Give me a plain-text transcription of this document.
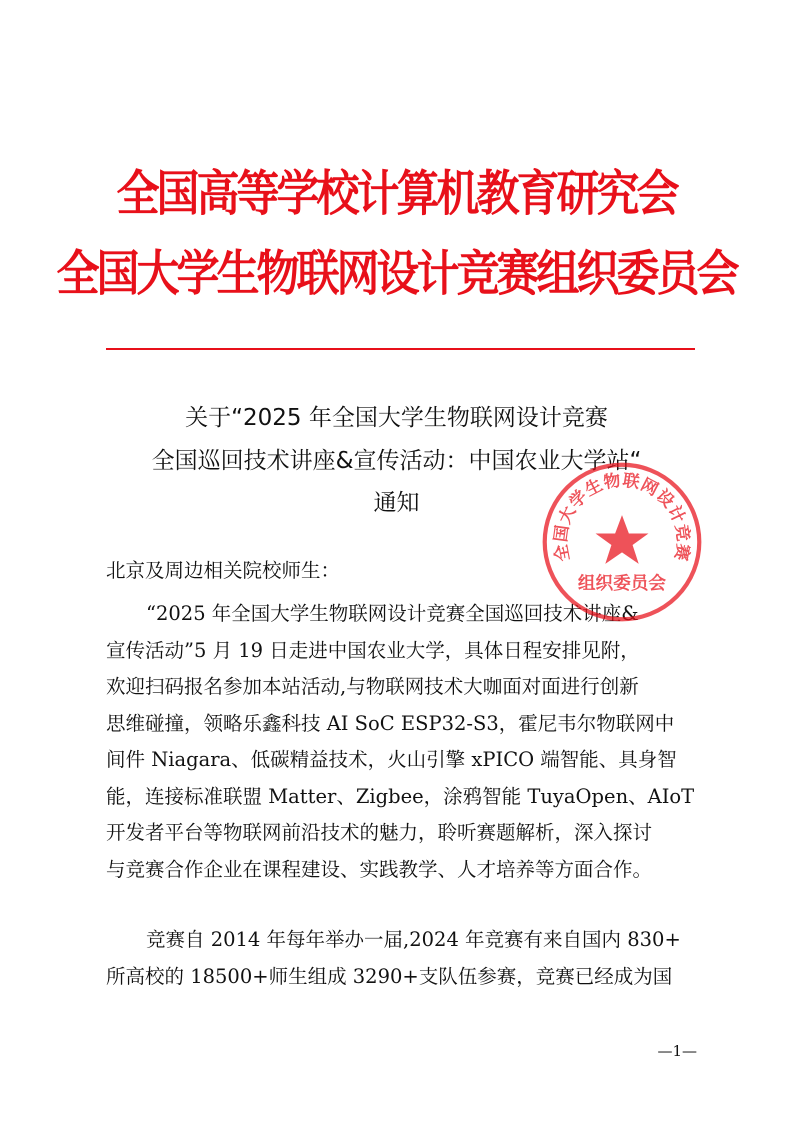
全国高等学校计算机教育研究会
全国大学生物联网设计竞赛组织委员会
关于“2025 年全国大学生物联网设计竞赛
全国巡回技术讲座&宣传活动：中国农业大学站“
通知
北京及周边相关院校师生：
“2025 年全国大学生物联网设计竞赛全国巡回技术讲座&
宣传活动”5 月 19 日走进中国农业大学，具体日程安排见附，
欢迎扫码报名参加本站活动,与物联网技术大咖面对面进行创新
思维碰撞，领略乐鑫科技 AI SoC ESP32-S3，霍尼韦尔物联网中
间件 Niagara、低碳精益技术，火山引擎 xPICO 端智能、具身智
能，连接标准联盟 Matter、Zigbee，涂鸦智能 TuyaOpen、AIoT
开发者平台等物联网前沿技术的魅力，聆听赛题解析，深入探讨
与竞赛合作企业在课程建设、实践教学、人才培养等方面合作。
竞赛自 2014 年每年举办一届,2024 年竞赛有来自国内 830+
所高校的 18500+师生组成 3290+支队伍参赛，竞赛已经成为国
—1—
全国大学生物联网设计竞赛
组织委员会
